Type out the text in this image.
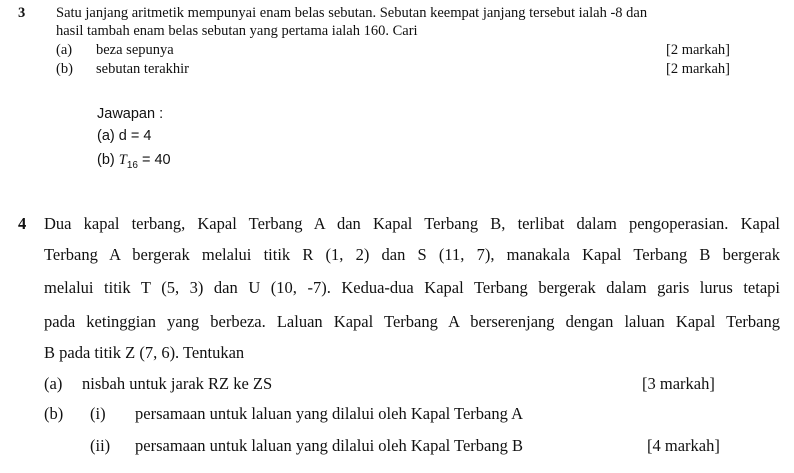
3 Satu janjang aritmetik mempunyai enam belas sebutan. Sebutan keempat janjang tersebut ialah -8 dan
hasil tambah enam belas sebutan yang pertama ialah 160. Cari
(a) beza sepunya	[2 markah]
(b) sebutan terakhir	[2 markah]
Jawapan :
(a) d = 4
(b) $T_{16} = 40$
4 Dua kapal terbang, Kapal Terbang A dan Kapal Terbang B, terlibat dalam pengoperasian. Kapal
Terbang A bergerak melalui titik R (1, 2) dan S (11, 7), manakala Kapal Terbang B bergerak
melalui titik T (5, 3) dan U (10, -7). Kedua-dua Kapal Terbang bergerak dalam garis lurus tetapi
pada ketinggian yang berbeza. Laluan Kapal Terbang A berserenjang dengan laluan Kapal Terbang
B pada titik Z (7, 6). Tentukan
(a) nisbah untuk jarak RZ ke ZS	[3 markah]
(b) (i) persamaan untuk laluan yang dilalui oleh Kapal Terbang A
(ii) persamaan untuk laluan yang dilalui oleh Kapal Terbang B	[4 markah]
